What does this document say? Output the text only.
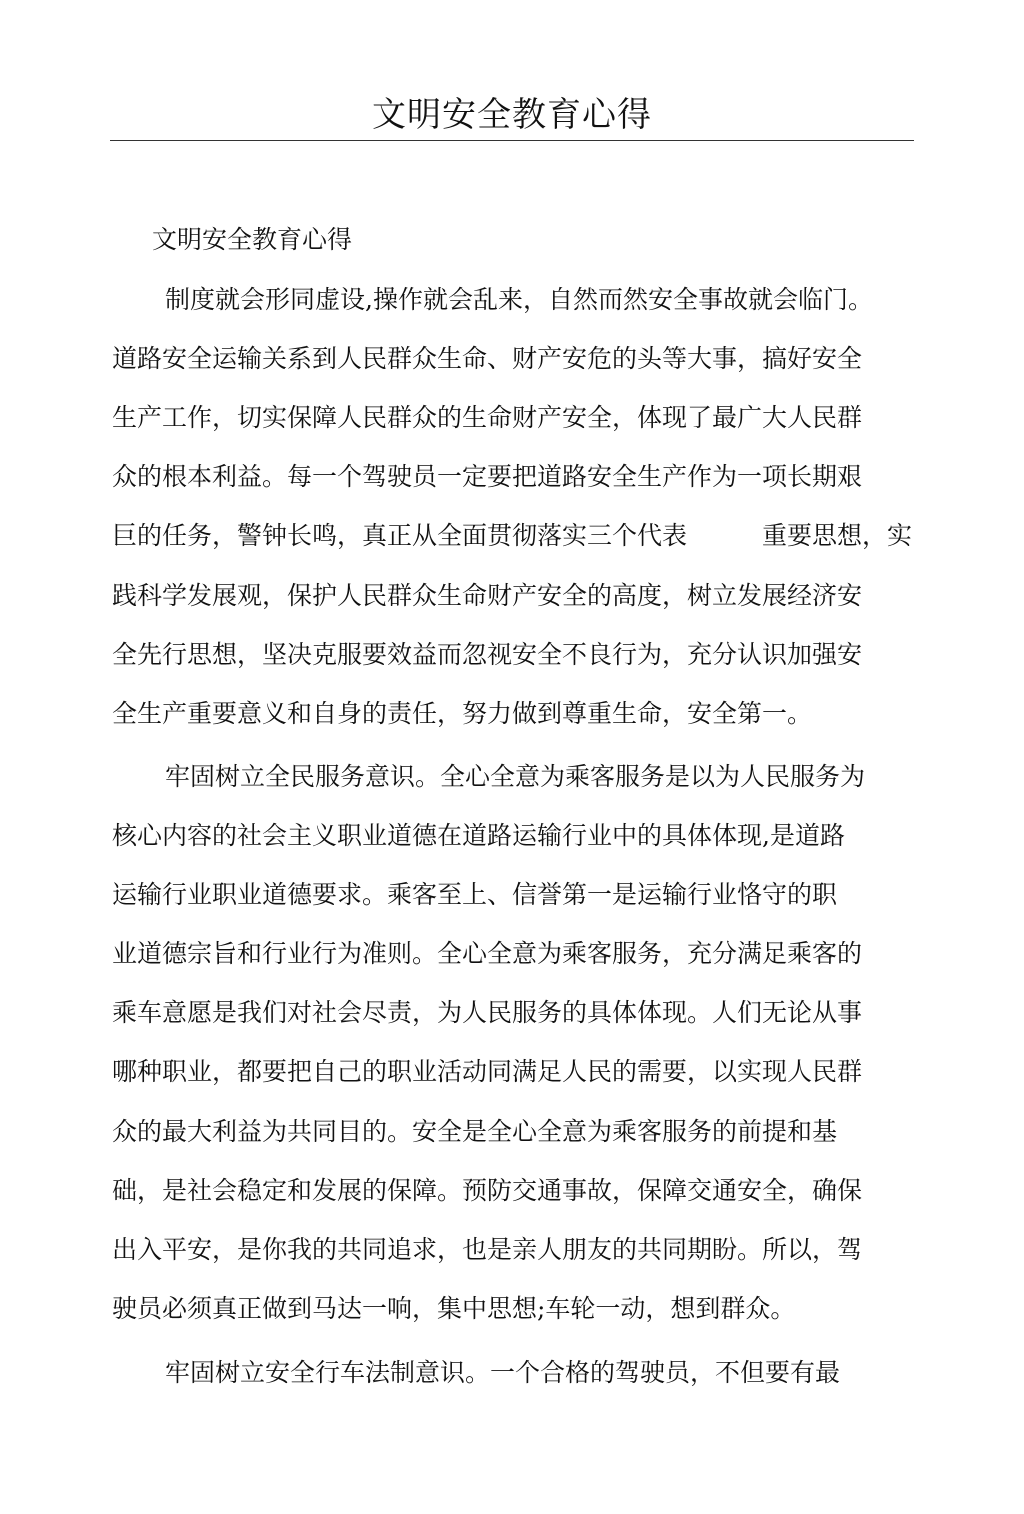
文明安全教育心得
文明安全教育心得
制度就会形同虚设,操作就会乱来，自然而然安全事故就会临门。
道路安全运输关系到人民群众生命、财产安危的头等大事，搞好安全
生产工作，切实保障人民群众的生命财产安全，体现了最广大人民群
众的根本利益。每一个驾驶员一定要把道路安全生产作为一项长期艰
巨的任务，警钟长鸣，真正从全面贯彻落实三个代表	重要思想，实
践科学发展观，保护人民群众生命财产安全的高度，树立发展经济安
全先行思想，坚决克服要效益而忽视安全不良行为，充分认识加强安
全生产重要意义和自身的责任，努力做到尊重生命，安全第一。
牢固树立全民服务意识。全心全意为乘客服务是以为人民服务为
核心内容的社会主义职业道德在道路运输行业中的具体体现,是道路
运输行业职业道德要求。乘客至上、信誉第一是运输行业恪守的职
业道德宗旨和行业行为准则。全心全意为乘客服务，充分满足乘客的
乘车意愿是我们对社会尽责，为人民服务的具体体现。人们无论从事
哪种职业，都要把自己的职业活动同满足人民的需要，以实现人民群
众的最大利益为共同目的。安全是全心全意为乘客服务的前提和基
础，是社会稳定和发展的保障。预防交通事故，保障交通安全，确保
出入平安，是你我的共同追求，也是亲人朋友的共同期盼。所以，驾
驶员必须真正做到马达一响，集中思想;车轮一动，想到群众。
牢固树立安全行车法制意识。一个合格的驾驶员，不但要有最
